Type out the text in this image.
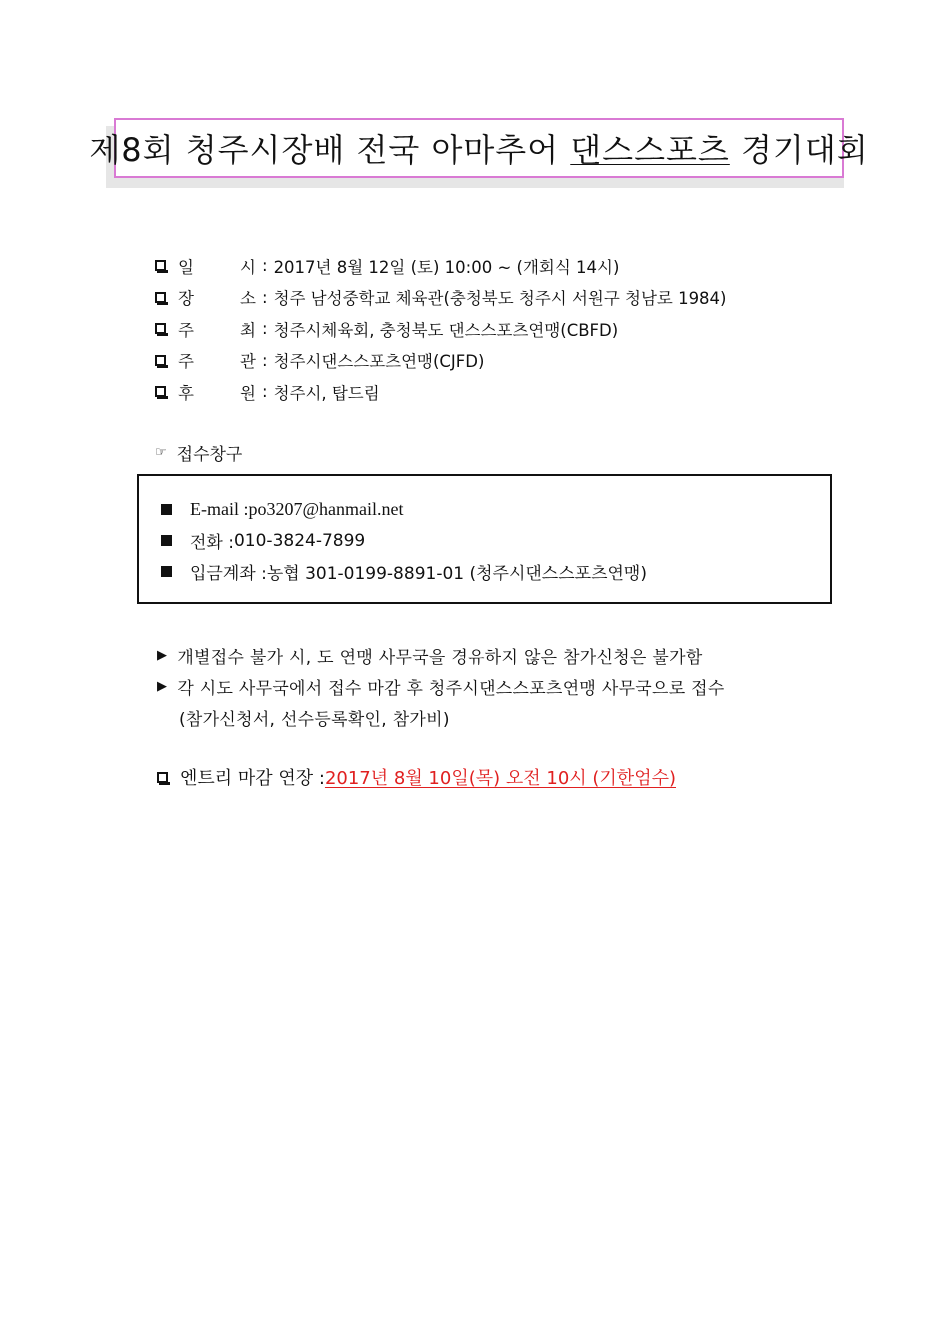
제8회 청주시장배 전국 아마추어 댄스스포츠 경기대회
일	시 : 2017년 8월 12일 (토) 10:00 ~ (개회식 14시)
장	소 : 청주 남성중학교 체육관(충청북도 청주시 서원구 청남로 1984)
주	최 : 청주시체육회, 충청북도 댄스스포츠연맹(CBFD)
주	관 : 청주시댄스스포츠연맹(CJFD)
후	원 : 청주시, 탑드림
☞ 접수창구
E-mail : po3207@hanmail.net
전화 : 010-3824-7899
입금계좌 : 농협 301-0199-8891-01 (청주시댄스스포츠연맹)
▶ 개별접수 불가 시, 도 연맹 사무국을 경유하지 않은 참가신청은 불가함
▶ 각 시도 사무국에서 접수 마감 후 청주시댄스스포츠연맹 사무국으로 접수
(참가신청서, 선수등록확인, 참가비)
엔트리 마감 연장 : 2017년 8월 10일(목) 오전 10시 (기한엄수)
